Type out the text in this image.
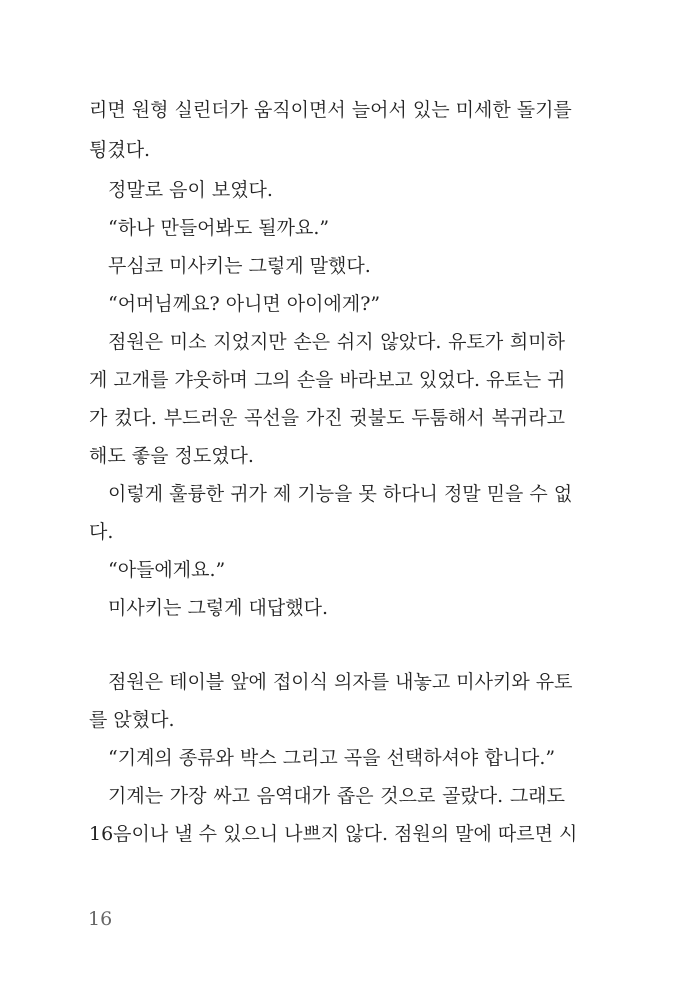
리면 원형 실린더가 움직이면서 늘어서 있는 미세한 돌기를
튕겼다.
정말로 음이 보였다.
“하나 만들어봐도 될까요.”
무심코 미사키는 그렇게 말했다.
“어머님께요? 아니면 아이에게?”
점원은 미소 지었지만 손은 쉬지 않았다. 유토가 희미하
게 고개를 갸웃하며 그의 손을 바라보고 있었다. 유토는 귀
가 컸다. 부드러운 곡선을 가진 귓불도 두툼해서 복귀라고
해도 좋을 정도였다.
이렇게 훌륭한 귀가 제 기능을 못 하다니 정말 믿을 수 없
다.
“아들에게요.”
미사키는 그렇게 대답했다.
점원은 테이블 앞에 접이식 의자를 내놓고 미사키와 유토
를 앉혔다.
“기계의 종류와 박스 그리고 곡을 선택하셔야 합니다.”
기계는 가장 싸고 음역대가 좁은 것으로 골랐다. 그래도
16음이나 낼 수 있으니 나쁘지 않다. 점원의 말에 따르면 시
16
